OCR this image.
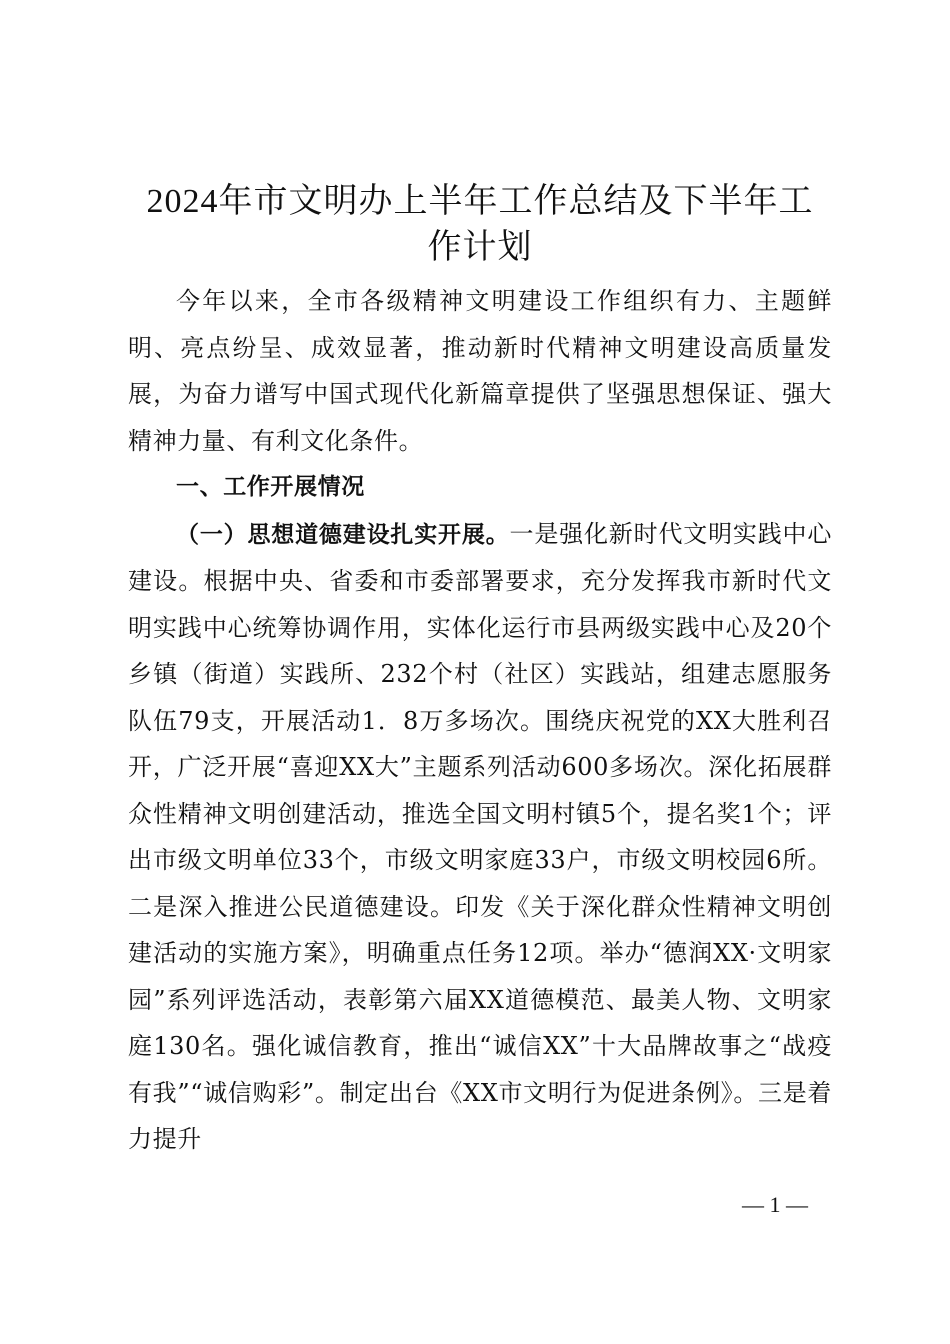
2024年市文明办上半年工作总结及下半年工
作计划

今年以来，全市各级精神文明建设工作组织有力、主题鲜明、亮点纷呈、成效显著，推动新时代精神文明建设高质量发展，为奋力谱写中国式现代化新篇章提供了坚强思想保证、强大精神力量、有利文化条件。

一、工作开展情况

（一）思想道德建设扎实开展。一是强化新时代文明实践中心建设。根据中央、省委和市委部署要求，充分发挥我市新时代文明实践中心统筹协调作用，实体化运行市县两级实践中心及20个乡镇（街道）实践所、232个村（社区）实践站，组建志愿服务队伍79支，开展活动1．8万多场次。围绕庆祝党的XX大胜利召开，广泛开展“喜迎XX大”主题系列活动600多场次。深化拓展群众性精神文明创建活动，推选全国文明村镇5个，提名奖1个；评出市级文明单位33个，市级文明家庭33户，市级文明校园6所。二是深入推进公民道德建设。印发《关于深化群众性精神文明创建活动的实施方案》，明确重点任务12项。举办“德润XX·文明家园”系列评选活动，表彰第六届XX道德模范、最美人物、文明家庭130名。强化诚信教育，推出“诚信XX”十大品牌故事之“战疫有我”“诚信购彩”。制定出台《XX市文明行为促进条例》。三是着力提升

— 1 —
